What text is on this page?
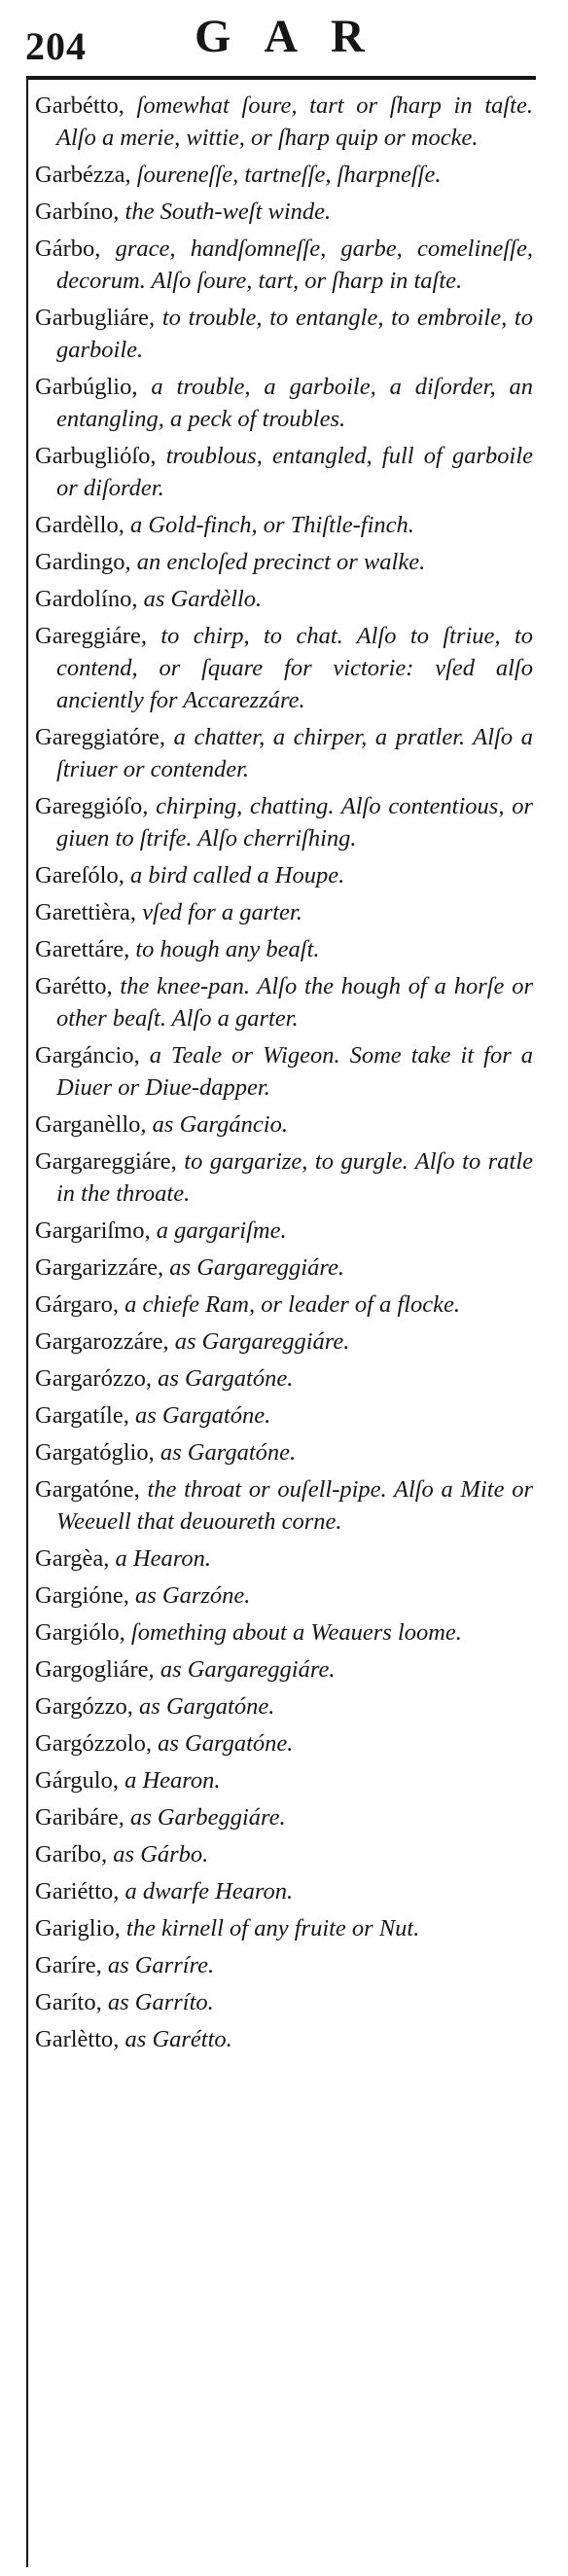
204 GAR
Garbétto, ſomewhat ſoure, tart or ſharp in taſte. Alſo a merie, wittie, or ſharp quip or mocke.
Garbézza, ſoureneſſe, tartneſſe, ſharpneſſe.
Garbíno, the South-weſt winde.
Gárbo, grace, handſomneſſe, garbe, comelineſſe, decorum. Alſo ſoure, tart, or ſharp in taſte.
Garbugliáre, to trouble, to entangle, to embroile, to garboile.
Garbúglio, a trouble, a garboile, a diſorder, an entangling, a peck of troubles.
Garbugliόſo, troublous, entangled, full of garboile or diſorder.
Gardèllo, a Gold-finch, or Thiſtle-finch.
Gardingo, an encloſed precinct or walke.
Gardolíno, as Gardèllo.
Gareggiáre, to chirp, to chat. Alſo to ſtriue, to contend, or ſquare for victorie: vſed alſo anciently for Accarezzáre.
Gareggiatóre, a chatter, a chirper, a pratler. Alſo a ſtriuer or contender.
Gareggióſo, chirping, chatting. Alſo contentious, or giuen to ſtrife. Alſo cherriſhing.
Gareſólo, a bird called a Houpe.
Garettièra, vſed for a garter.
Garettáre, to hough any beaſt.
Garétto, the knee-pan. Alſo the hough of a horſe or other beaſt. Alſo a garter.
Gargáncio, a Teale or Wigeon. Some take it for a Diuer or Diue-dapper.
Garganèllo, as Gargáncio.
Gargareggiáre, to gargarize, to gurgle. Alſo to ratle in the throate.
Gargariſmo, a gargariſme.
Gargarizzáre, as Gargareggiáre.
Gárgaro, a chiefe Ram, or leader of a flocke.
Gargarozzáre, as Gargareggiáre.
Gargarózzo, as Gargatóne.
Gargatíle, as Gargatóne.
Gargatóglio, as Gargatóne.
Gargatóne, the throat or ouſell-pipe. Alſo a Mite or Weeuell that deuoureth corne.
Gargèa, a Hearon.
Gargióne, as Garzóne.
Gargiólo, ſomething about a Weauers loome.
Gargogliáre, as Gargareggiáre.
Gargózzo, as Gargatóne.
Gargózzolo, as Gargatóne.
Gárgulo, a Hearon.
Garibáre, as Garbeggiáre.
Garíbo, as Gárbo.
Gariétto, a dwarfe Hearon.
Gariglio, the kirnell of any fruite or Nut.
Garíre, as Garríre.
Garíto, as Garríto.
Garlètto, as Garétto.
